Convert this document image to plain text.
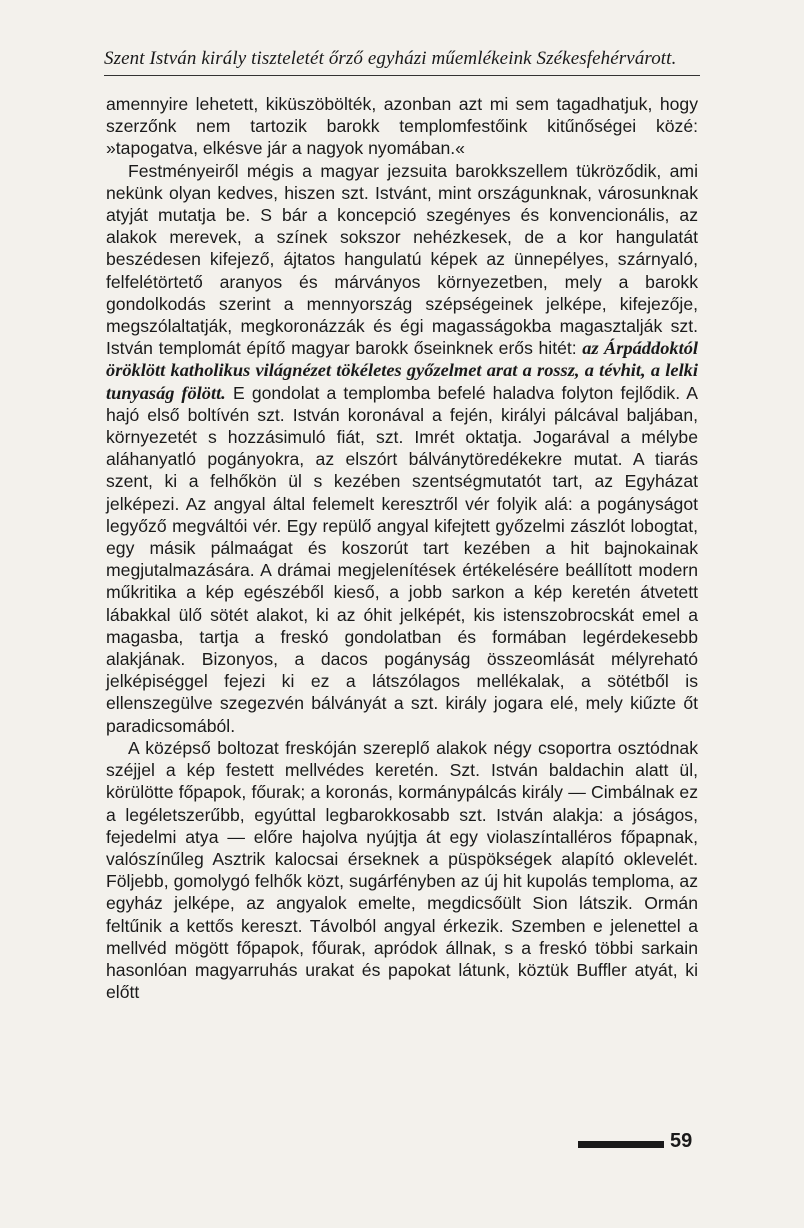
Szent István király tiszteletét őrző egyházi műemlékeink Székesfehérvárott.

amennyire lehetett, kiküszöbölték, azonban azt mi sem tagadhatjuk, hogy szerzőnk nem tartozik barokk templomfestőink kitűnőségei közé: »tapogatva, elkésve jár a nagyok nyomában.«

Festményeiről mégis a magyar jezsuita barokkszellem tükröződik, ami nekünk olyan kedves, hiszen szt. Istvánt, mint országunknak, városunknak atyját mutatja be. S bár a koncepció szegényes és konvencionális, az alakok merevek, a színek sokszor nehézkesek, de a kor hangulatát beszédesen kifejező, ájtatos hangulatú képek az ünnepélyes, szárnyaló, felfelétörtető aranyos és márványos környezetben, mely a barokk gondolkodás szerint a mennyország szépségeinek jelképe, kifejezője, megszólaltatják, megkoronázzák és égi magasságokba magasztalják szt. István templomát építő magyar barokk őseinknek erős hitét: az Árpáddoktól öröklött katholikus világnézet tökéletes győzelmet arat a rossz, a tévhit, a lelki tunyaság fölött. E gondolat a templomba befelé haladva folyton fejlődik. A hajó első boltívén szt. István koronával a fején, királyi pálcával baljában, környezetét s hozzásimuló fiát, szt. Imrét oktatja. Jogarával a mélybe aláhanyatló pogányokra, az elszórt bálványtöredékekre mutat. A tiarás szent, ki a felhőkön ül s kezében szentségmutatót tart, az Egyházat jelképezi. Az angyal által felemelt keresztről vér folyik alá: a pogányságot legyőző megváltói vér. Egy repülő angyal kifejtett győzelmi zászlót lobogtat, egy másik pálmaágat és koszorút tart kezében a hit bajnokainak megjutalmazására. A drámai megjelenítések értékelésére beállított modern műkritika a kép egészéből kieső, a jobb sarkon a kép keretén átvetett lábakkal ülő sötét alakot, ki az óhit jelképét, kis istenszobrocskát emel a magasba, tartja a freskó gondolatban és formában legérdekesebb alakjának. Bizonyos, a dacos pogányság összeomlását mélyreható jelképiséggel fejezi ki ez a látszólagos mellékalak, a sötétből is ellenszegülve szegezvén bálványát a szt. király jogara elé, mely kiűzte őt paradicsomából.

A középső boltozat freskóján szereplő alakok négy csoportra osztódnak széjjel a kép festett mellvédes keretén. Szt. István baldachin alatt ül, körülötte főpapok, főurak; a koronás, kormánypálcás király — Cimbálnak ez a legéletszerűbb, egyúttal legbarokkosabb szt. István alakja: a jóságos, fejedelmi atya — előre hajolva nyújtja át egy violaszíntalléros főpapnak, valószínűleg Asztrik kalocsai érseknek a püspökségek alapító oklevelét. Följebb, gomolygó felhők közt, sugárfényben az új hit kupolás temploma, az egyház jelképe, az angyalok emelte, megdicsőült Sion látszik. Ormán feltűnik a kettős kereszt. Távolból angyal érkezik. Szemben e jelenettel a mellvéd mögött főpapok, főurak, apródok állnak, s a freskó többi sarkain hasonlóan magyarruhás urakat és papokat látunk, köztük Buffler atyát, ki előtt

59
